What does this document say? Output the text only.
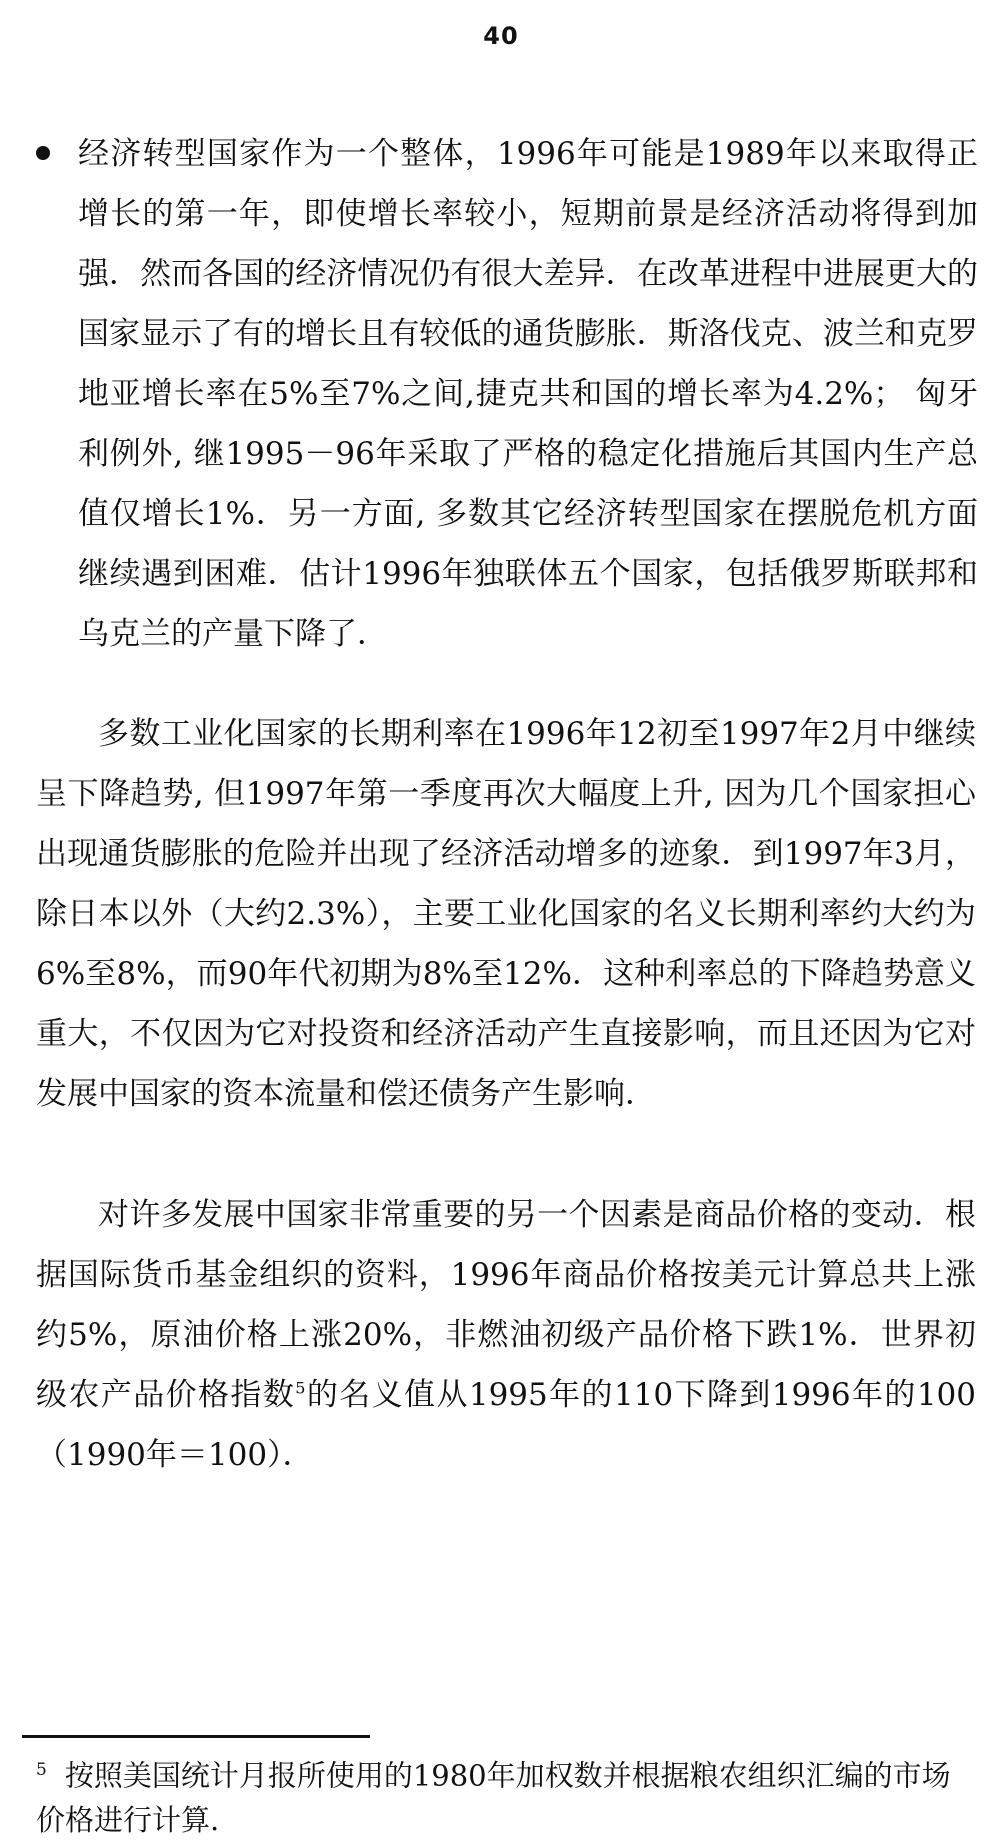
40
经济转型国家作为一个整体，1996年可能是1989年以来取得正增长的第一年，即使增长率较小，短期前景是经济活动将得到加强．然而各国的经济情况仍有很大差异．在改革进程中进展更大的国家显示了有的增长且有较低的通货膨胀．斯洛伐克、波兰和克罗地亚增长率在5%至7%之间,捷克共和国的增长率为4.2%； 匈牙利例外, 继1995－96年采取了严格的稳定化措施后其国内生产总值仅增长1%．另一方面, 多数其它经济转型国家在摆脱危机方面继续遇到困难．估计1996年独联体五个国家，包括俄罗斯联邦和乌克兰的产量下降了．

多数工业化国家的长期利率在1996年12初至1997年2月中继续呈下降趋势, 但1997年第一季度再次大幅度上升, 因为几个国家担心出现通货膨胀的危险并出现了经济活动增多的迹象．到1997年3月，除日本以外（大约2.3%），主要工业化国家的名义长期利率约大约为6%至8%，而90年代初期为8%至12%．这种利率总的下降趋势意义重大，不仅因为它对投资和经济活动产生直接影响，而且还因为它对发展中国家的资本流量和偿还债务产生影响．

对许多发展中国家非常重要的另一个因素是商品价格的变动．根据国际货币基金组织的资料，1996年商品价格按美元计算总共上涨约5%，原油价格上涨20%，非燃油初级产品价格下跌1%．世界初级农产品价格指数$^5$的名义值从1995年的110下降到1996年的100（1990年＝100）．

$^5$ 按照美国统计月报所使用的1980年加权数并根据粮农组织汇编的市场价格进行计算.
